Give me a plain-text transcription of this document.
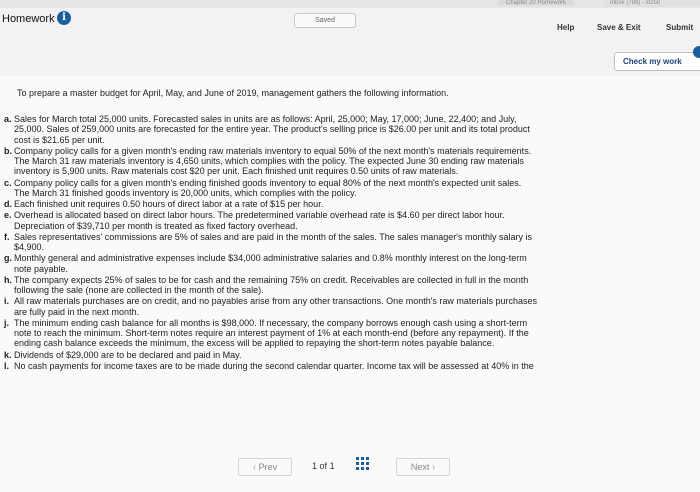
Chapter 20 Homework	Inbox (788) - st250
Homework i	Saved
Help	Save & Exit	Submit
Check my work
To prepare a master budget for April, May, and June of 2019, management gathers the following information.
a. Sales for March total 25,000 units. Forecasted sales in units are as follows: April, 25,000; May, 17,000; June, 22,400; and July,
25,000. Sales of 259,000 units are forecasted for the entire year. The product's selling price is $26.00 per unit and its total product
cost is $21.65 per unit.
b. Company policy calls for a given month's ending raw materials inventory to equal 50% of the next month's materials requirements.
The March 31 raw materials inventory is 4,650 units, which complies with the policy. The expected June 30 ending raw materials
inventory is 5,900 units. Raw materials cost $20 per unit. Each finished unit requires 0.50 units of raw materials.
c. Company policy calls for a given month's ending finished goods inventory to equal 80% of the next month's expected unit sales.
The March 31 finished goods inventory is 20,000 units, which complies with the policy.
d. Each finished unit requires 0.50 hours of direct labor at a rate of $15 per hour.
e. Overhead is allocated based on direct labor hours. The predetermined variable overhead rate is $4.60 per direct labor hour.
Depreciation of $39,710 per month is treated as fixed factory overhead.
f. Sales representatives' commissions are 5% of sales and are paid in the month of the sales. The sales manager's monthly salary is
$4,900.
g. Monthly general and administrative expenses include $34,000 administrative salaries and 0.8% monthly interest on the long-term
note payable.
h. The company expects 25% of sales to be for cash and the remaining 75% on credit. Receivables are collected in full in the month
following the sale (none are collected in the month of the sale).
i. All raw materials purchases are on credit, and no payables arise from any other transactions. One month's raw materials purchases
are fully paid in the next month.
j. The minimum ending cash balance for all months is $98,000. If necessary, the company borrows enough cash using a short-term
note to reach the minimum. Short-term notes require an interest payment of 1% at each month-end (before any repayment). If the
ending cash balance exceeds the minimum, the excess will be applied to repaying the short-term notes payable balance.
k. Dividends of $29,000 are to be declared and paid in May.
l. No cash payments for income taxes are to be made during the second calendar quarter. Income tax will be assessed at 40% in the
‹ Prev	1 of 1	Next ›
